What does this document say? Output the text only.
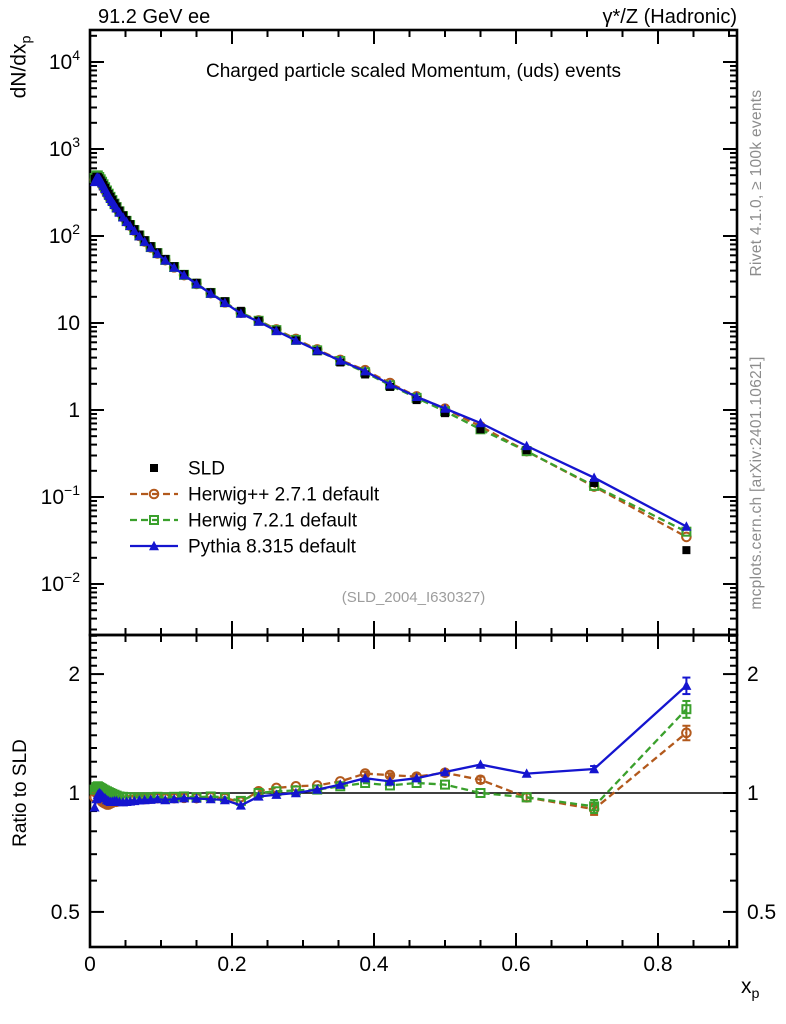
0	0.2	0.4	0.6	0.8
$10^4$
$10^3$
$10^2$
10
1
$10^{-1}$
$10^{-2}$
2	2
1	1
0.5	0.5
SLD
Herwig++ 2.7.1 default
Herwig 7.2.1 default
Pythia 8.315 default
91.2 GeV ee	γ*/Z (Hadronic)
Charged particle scaled Momentum, (uds) events
$dN/dx_p$
Ratio to SLD
Rivet 4.1.0, ≥ 100k events
mcplots.cern.ch [arXiv:2401.10621]
(SLD_2004_I630327)
$x_p$
